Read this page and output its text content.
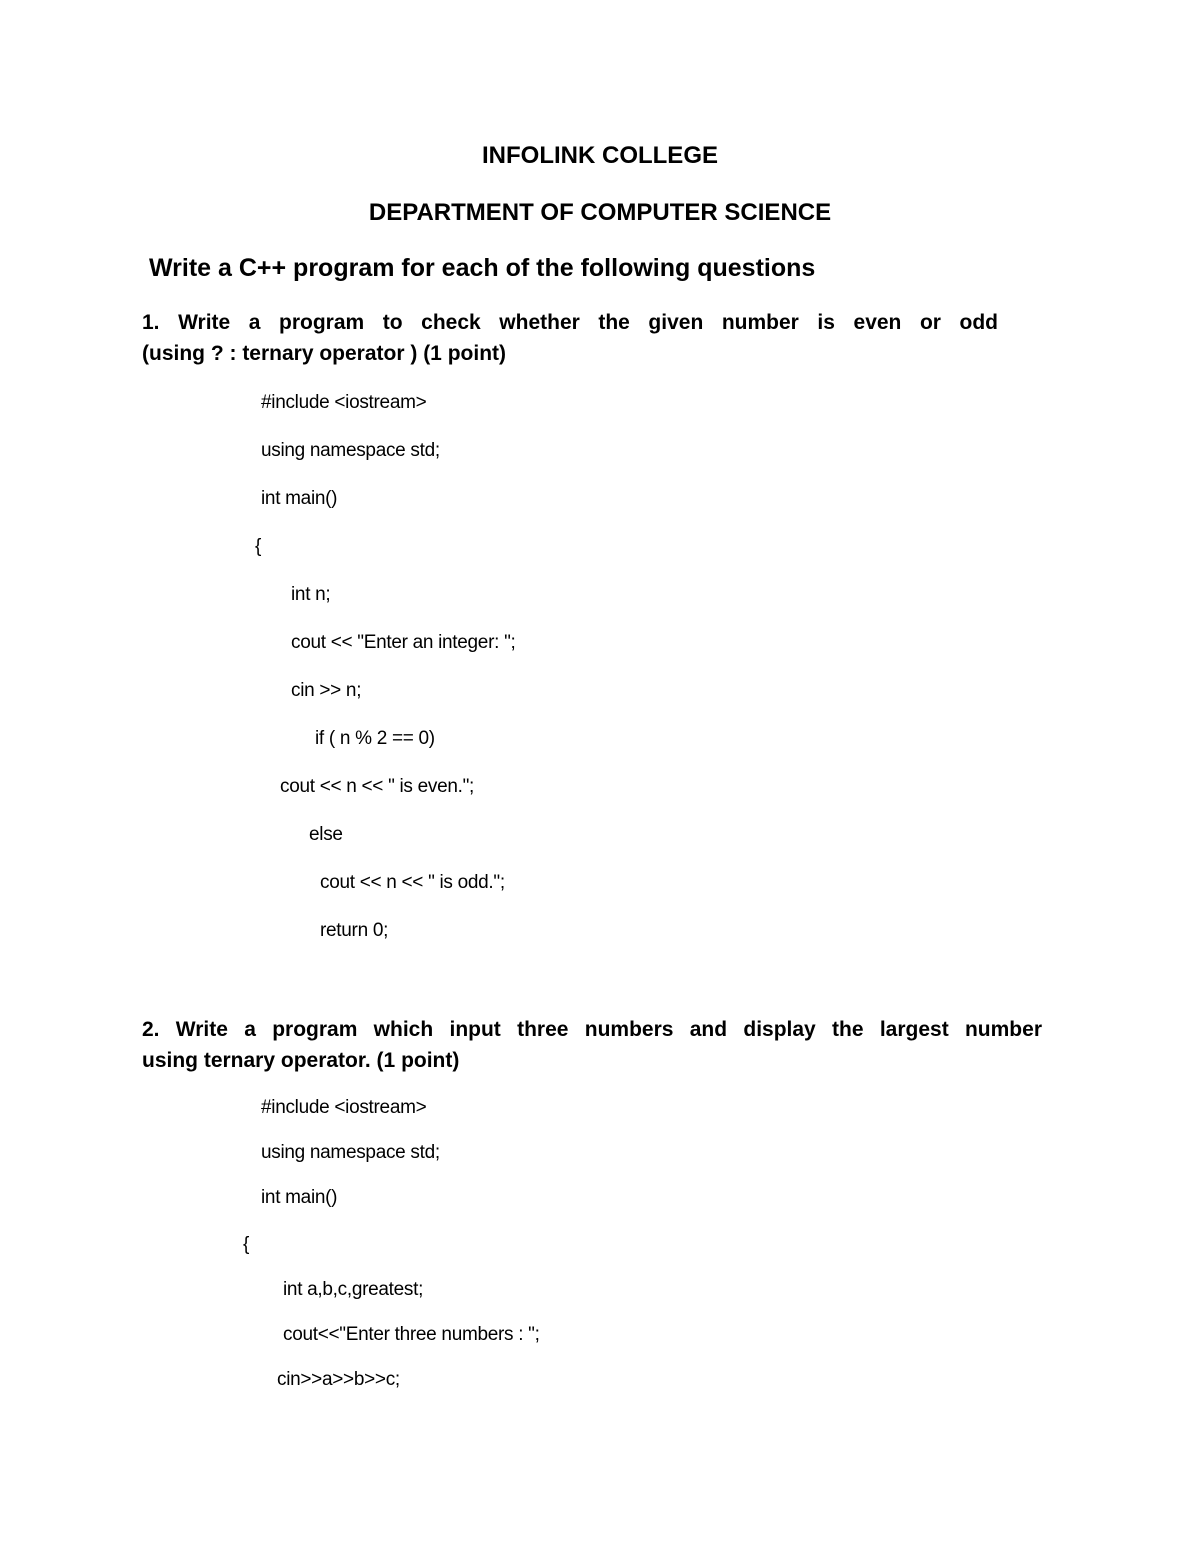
INFOLINK COLLEGE
DEPARTMENT OF COMPUTER SCIENCE
Write a C++ program for each of the following questions
1. Write a program to check whether the given number is even or odd
(using ? : ternary operator ) (1 point)
#include <iostream>
using namespace std;
int main()
{
int n;
cout << "Enter an integer: ";
cin >> n;
if ( n % 2 == 0)
cout << n << " is even.";
else
cout << n << " is odd.";
return 0;
2. Write a program which input three numbers and display the largest number
using ternary operator. (1 point)
#include <iostream>
using namespace std;
int main()
{
int a,b,c,greatest;
cout<<"Enter three numbers : ";
cin>>a>>b>>c;
